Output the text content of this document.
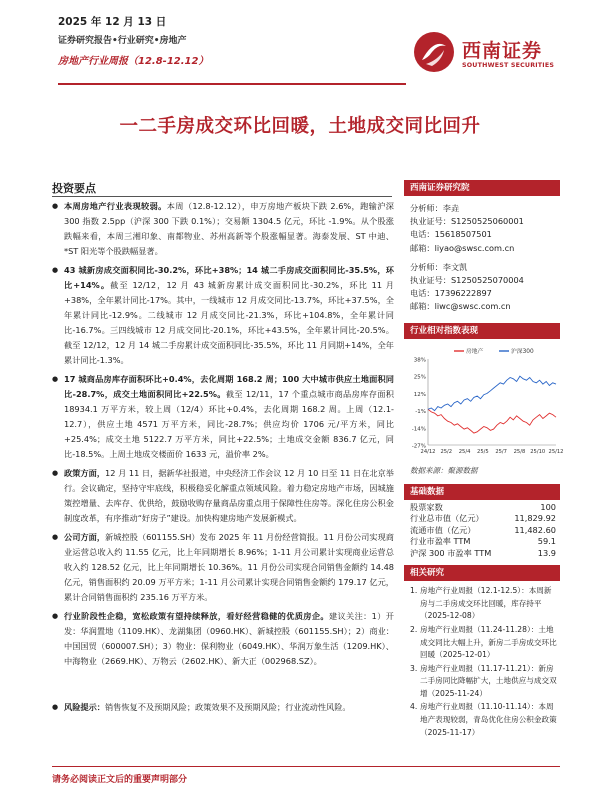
2025 年 12 月 13 日
证券研究报告•行业研究•房地产
房地产行业周报（12.8-12.12）	西南证券
SOUTHWEST SECURITIES
一二手房成交环比回暖，土地成交同比回升
投资要点
● 本周房地产行业表现较弱。本周（12.8-12.12），申万房地产板块下跌 2.6%，跑输沪深 300 指数 2.5pp（沪深 300 下跌 0.1%）；交易额 1304.5 亿元，环比 -1.9%。从个股涨跌幅来看，本周三湘印象、南都物业、苏州高新等个股涨幅显著。海泰发展、ST 中迪、*ST 阳光等个股跌幅显著。
● 43 城新房成交面积同比-30.2%，环比+38%；14 城二手房成交面积同比-35.5%，环比+14%。截至 12/12，12 月 43 城新房累计成交面积同比-30.2%，环比 11 月+38%，全年累计同比-17%。其中，一线城市 12 月成交同比-13.7%，环比+37.5%，全年累计同比-12.9%。二线城市 12 月成交同比-21.3%，环比+104.8%，全年累计同比-16.7%。三四线城市 12 月成交同比-20.1%，环比+43.5%，全年累计同比-20.5%。截至 12/12，12 月 14 城二手房累计成交面积同比-35.5%，环比 11 月同期+14%，全年累计同比-1.3%。
● 17 城商品房库存面积环比+0.4%，去化周期 168.2 周；100 大中城市供应土地面积同比-28.7%，成交土地面积同比+22.5%。截至 12/11，17 个重点城市商品房库存面积 18934.1 万平方米，较上周（12/4）环比+0.4%，去化周期 168.2 周。上周（12.1-12.7），供应土地 4571 万平方米，同比-28.7%；供应均价 1706 元/平方米，同比+25.4%；成交土地 5122.7 万平方米，同比+22.5%；土地成交金额 836.7 亿元，同比-18.5%。上周土地成交楼面价 1633 元，溢价率 2%。
● 政策方面，12 月 11 日，据新华社报道，中央经济工作会议 12 月 10 日至 11 日在北京举行。会议确定，坚持守牢底线，积极稳妥化解重点领域风险。着力稳定房地产市场，因城施策控增量、去库存、优供给，鼓励收购存量商品房重点用于保障性住房等。深化住房公积金制度改革，有序推动“好房子”建设。加快构建房地产发展新模式。
● 公司方面，新城控股（601155.SH）发布 2025 年 11 月份经营简报。11 月份公司实现商业运营总收入约 11.55 亿元，比上年同期增长 8.96%；1-11 月公司累计实现商业运营总收入约 128.52 亿元，比上年同期增长 10.36%。11 月份公司实现合同销售金额约 14.48 亿元，销售面积约 20.09 万平方米；1-11 月公司累计实现合同销售金额约 179.17 亿元，累计合同销售面积约 235.16 万平方米。
● 行业阶段性企稳，宽松政策有望持续释放，看好经营稳健的优质房企。建议关注：1）开发：华润置地（1109.HK）、龙湖集团（0960.HK）、新城控股（601155.SH）；2）商业：中国国贸（600007.SH）；3）物业：保利物业（6049.HK）、华润万象生活（1209.HK）、中海物业（2669.HK）、万物云（2602.HK）、新大正（002968.SZ）。
● 风险提示：销售恢复不及预期风险；政策效果不及预期风险；行业流动性风险。
西南证券研究院
分析师：李垚
执业证号：S1250525060001
电话：15618507501
邮箱：liyao@swsc.com.cn
分析师：李文凯
执业证号：S1250525070004
电话：17396222897
邮箱：liwc@swsc.com.cn
行业相对指数表现
38%
25%
12%
-1%
-14%
-27%
24/12 25/2 25/4 25/5 25/7 25/8 25/10 25/12
房地产	沪深300
数据来源：聚源数据
基础数据
股票家数	100
行业总市值（亿元）	11,829.92
流通市值（亿元）	11,482.60
行业市盈率 TTM	59.1
沪深 300 市盈率 TTM	13.9
相关研究
1. 房地产行业周报（12.1-12.5）：本周新房与二手房成交环比回暖，库存持平（2025-12-08）
2. 房地产行业周报（11.24-11.28）：土地成交同比大幅上升，新房二手房成交环比回暖（2025-12-01）
3. 房地产行业周报（11.17-11.21）：新房二手房同比降幅扩大，土地供应与成交双增（2025-11-24）
4. 房地产行业周报（11.10-11.14）：本周地产表现较弱，青岛优化住房公积金政策（2025-11-17）
请务必阅读正文后的重要声明部分
